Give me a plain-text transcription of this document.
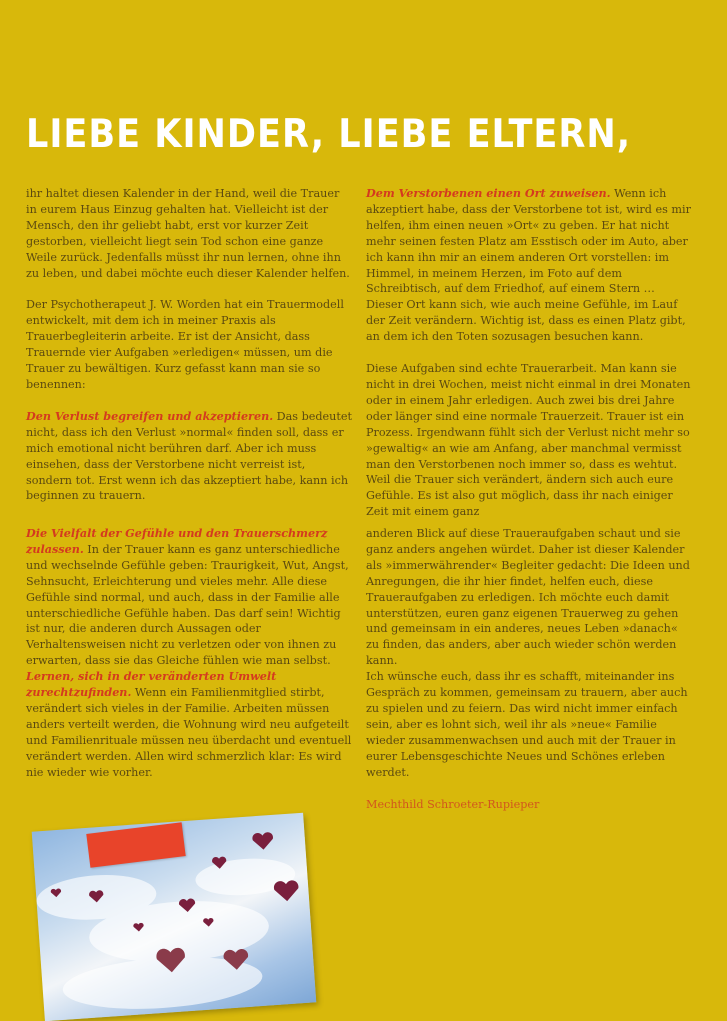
LIEBE KINDER, LIEBE ELTERN,

ihr haltet diesen Kalender in der Hand, weil die Trauer in eurem Haus Einzug gehalten hat. Vielleicht ist der Mensch, den ihr geliebt habt, erst vor kurzer Zeit gestorben, vielleicht liegt sein Tod schon eine ganze Weile zurück. Jedenfalls müsst ihr nun lernen, ohne ihn zu leben, und dabei möchte euch dieser Kalender helfen.

Der Psychotherapeut J. W. Worden hat ein Trauermodell entwickelt, mit dem ich in meiner Praxis als Trauerbegleiterin arbeite. Er ist der Ansicht, dass Trauernde vier Aufgaben »erledigen« müssen, um die Trauer zu bewältigen. Kurz gefasst kann man sie so benennen:

Den Verlust begreifen und akzeptieren. Das bedeutet nicht, dass ich den Verlust »normal« finden soll, dass er mich emotional nicht berühren darf. Aber ich muss einsehen, dass der Verstorbene nicht verreist ist, sondern tot. Erst wenn ich das akzeptiert habe, kann ich beginnen zu trauern.

Dem Verstorbenen einen Ort zuweisen. Wenn ich akzeptiert habe, dass der Verstorbene tot ist, wird es mir helfen, ihm einen neuen »Ort« zu geben. Er hat nicht mehr seinen festen Platz am Esstisch oder im Auto, aber ich kann ihn mir an einem anderen Ort vorstellen: im Himmel, in meinem Herzen, im Foto auf dem Schreibtisch, auf dem Friedhof, auf einem Stern … Dieser Ort kann sich, wie auch meine Gefühle, im Lauf der Zeit verändern. Wichtig ist, dass es einen Platz gibt, an dem ich den Toten sozusagen besuchen kann.

Diese Aufgaben sind echte Trauerarbeit. Man kann sie nicht in drei Wochen, meist nicht einmal in drei Monaten oder in einem Jahr erledigen. Auch zwei bis drei Jahre oder länger sind eine normale Trauerzeit. Trauer ist ein Prozess. Irgendwann fühlt sich der Verlust nicht mehr so »gewaltig« an wie am Anfang, aber manchmal vermisst man den Verstorbenen noch immer so, dass es wehtut. Weil die Trauer sich verändert, ändern sich auch eure Gefühle. Es ist also gut möglich, dass ihr nach einiger Zeit mit einem ganz

Die Vielfalt der Gefühle und den Trauerschmerz zulassen. In der Trauer kann es ganz unterschiedliche und wechselnde Gefühle geben: Traurigkeit, Wut, Angst, Sehnsucht, Erleichterung und vieles mehr. Alle diese Gefühle sind normal, und auch, dass in der Familie alle unterschiedliche Gefühle haben. Das darf sein! Wichtig ist nur, die anderen durch Aussagen oder Verhaltensweisen nicht zu verletzen oder von ihnen zu erwarten, dass sie das Gleiche fühlen wie man selbst.

Lernen, sich in der veränderten Umwelt zurechtzufinden. Wenn ein Familienmitglied stirbt, verändert sich vieles in der Familie. Arbeiten müssen anders verteilt werden, die Wohnung wird neu aufgeteilt und Familienrituale müssen neu überdacht und eventuell verändert werden. Allen wird schmerzlich klar: Es wird nie wieder wie vorher.

anderen Blick auf diese Traueraufgaben schaut und sie ganz anders angehen würdet. Daher ist dieser Kalender als »immerwährender« Begleiter gedacht: Die Ideen und Anregungen, die ihr hier findet, helfen euch, diese Traueraufgaben zu erledigen. Ich möchte euch damit unterstützen, euren ganz eigenen Trauerweg zu gehen und gemeinsam in ein anderes, neues Leben »danach« zu finden, das anders, aber auch wieder schön werden kann.

Ich wünsche euch, dass ihr es schafft, miteinander ins Gespräch zu kommen, gemeinsam zu trauern, aber auch zu spielen und zu feiern. Das wird nicht immer einfach sein, aber es lohnt sich, weil ihr als »neue« Familie wieder zusammenwachsen und auch mit der Trauer in eurer Lebensgeschichte Neues und Schönes erleben werdet.

Mechthild Schroeter-Rupieper
